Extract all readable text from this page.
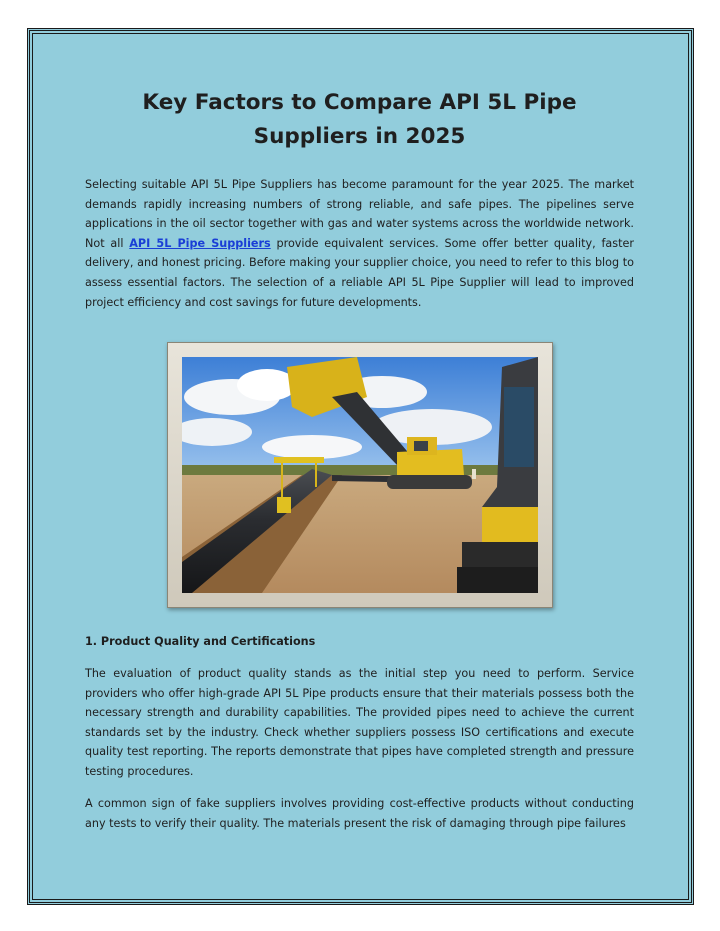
Key Factors to Compare API 5L Pipe Suppliers in 2025

Selecting suitable API 5L Pipe Suppliers has become paramount for the year 2025. The market demands rapidly increasing numbers of strong reliable, and safe pipes. The pipelines serve applications in the oil sector together with gas and water systems across the worldwide network. Not all API 5L Pipe Suppliers provide equivalent services. Some offer better quality, faster delivery, and honest pricing. Before making your supplier choice, you need to refer to this blog to assess essential factors. The selection of a reliable API 5L Pipe Supplier will lead to improved project efficiency and cost savings for future developments.

1. Product Quality and Certifications

The evaluation of product quality stands as the initial step you need to perform. Service providers who offer high-grade API 5L Pipe products ensure that their materials possess both the necessary strength and durability capabilities. The provided pipes need to achieve the current standards set by the industry. Check whether suppliers possess ISO certifications and execute quality test reporting. The reports demonstrate that pipes have completed strength and pressure testing procedures.

A common sign of fake suppliers involves providing cost-effective products without conducting any tests to verify their quality. The materials present the risk of damaging through pipe failures
